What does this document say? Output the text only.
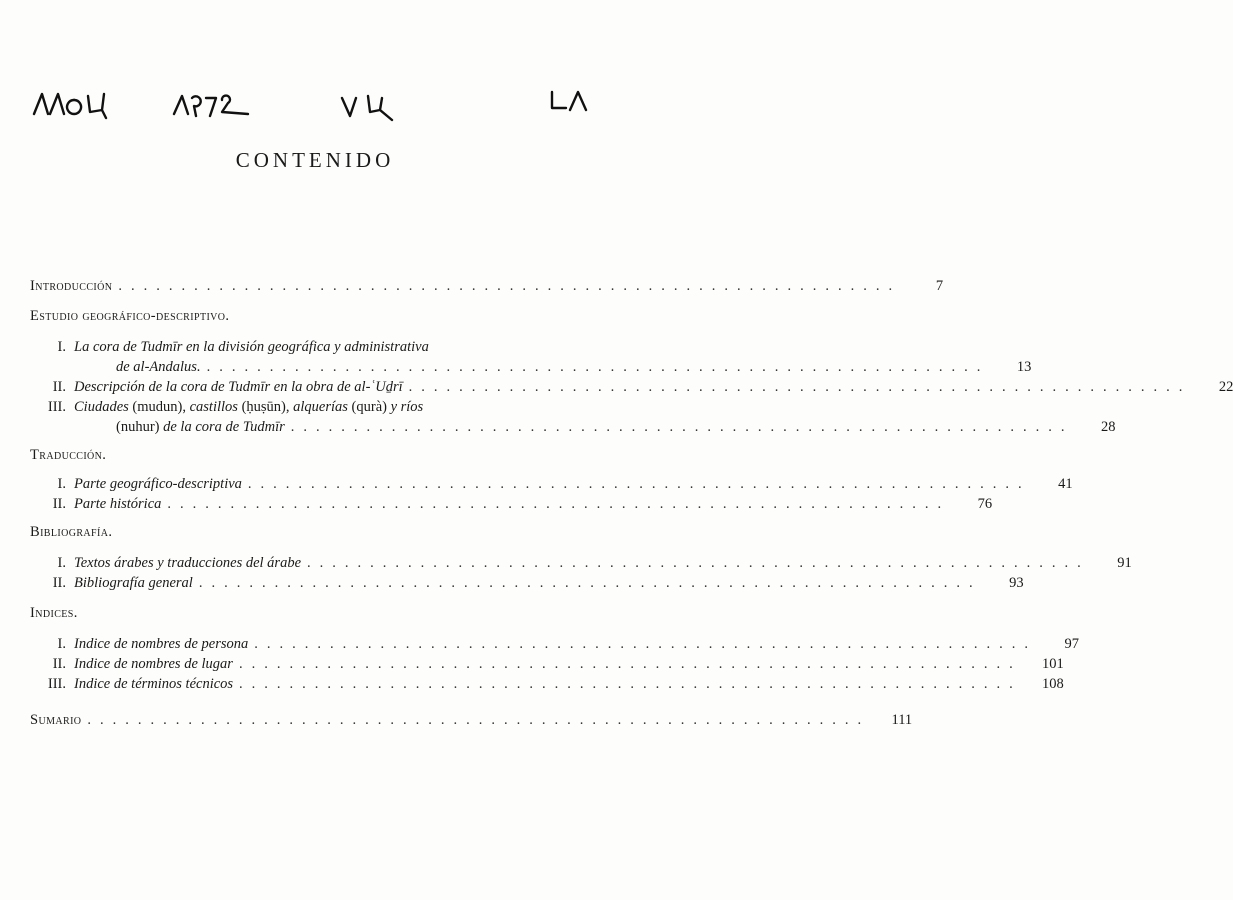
CONTENIDO
Introducción ..............................................................	7
Estudio geográfico-descriptivo.
I. La cora de Tudmīr en la división geográfica y administrativa
de al-Andalus. ..............................................................	13
II. Descripción de la cora de Tudmīr en la obra de al-ʿUḏrī ..............................................................	22
III. Ciudades (mudun), castillos (ḥuṣūn), alquerías (qurà) y ríos
(nuhur) de la cora de Tudmīr ..............................................................	28
Traducción.
I. Parte geográfico-descriptiva ..............................................................	41
II. Parte histórica ..............................................................	76
Bibliografía.
I. Textos árabes y traducciones del árabe ..............................................................	91
II. Bibliografía general ..............................................................	93
Indices.
I. Indice de nombres de persona ..............................................................	97
II. Indice de nombres de lugar ..............................................................	101
III. Indice de términos técnicos ..............................................................	108
Sumario ..............................................................	111
